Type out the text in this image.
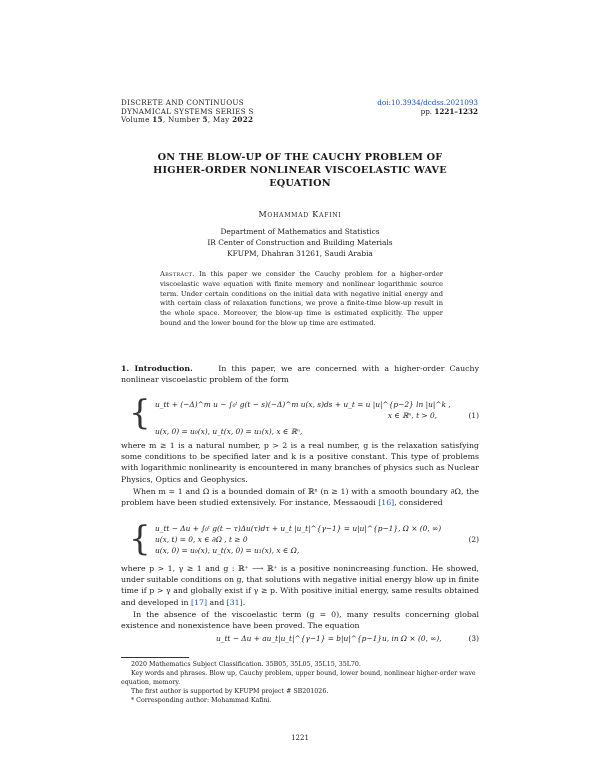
DISCRETE AND CONTINUOUS
DYNAMICAL SYSTEMS SERIES S
Volume 15, Number 5, May 2022
doi:10.3934/dcdss.2021093
pp. 1221–1232
ON THE BLOW-UP OF THE CAUCHY PROBLEM OF
HIGHER-ORDER NONLINEAR VISCOELASTIC WAVE
EQUATION
Mohammad Kafini
Department of Mathematics and Statistics
IR Center of Construction and Building Materials
KFUPM, Dhahran 31261, Saudi Arabia
Abstract. In this paper we consider the Cauchy problem for a higher-order viscoelastic wave equation with finite memory and nonlinear logarithmic source term. Under certain conditions on the initial data with negative initial energy and with certain class of relaxation functions, we prove a finite-time blow-up result in the whole space. Moreover, the blow-up time is estimated explicitly. The upper bound and the lower bound for the blow up time are estimated.

1. Introduction.	In this paper, we are concerned with a higher-order Cauchy nonlinear viscoelastic problem of the form

{ u_tt + (−Δ)^m u − ∫₀ᵗ g(t − s)(−Δ)^m u(x, s)ds + u_t = u |u|^{p−2} ln |u|^k ,
x ∈ ℝⁿ, t > 0,
u(x, 0) = u₀(x), u_t(x, 0) = u₁(x), x ∈ ℝⁿ,
(1)

where m ≥ 1 is a natural number, p > 2 is a real number, g is the relaxation satisfying some conditions to be specified later and k is a positive constant. This type of problems with logarithmic nonlinearity is encountered in many branches of physics such as Nuclear Physics, Optics and Geophysics.

When m = 1 and Ω is a bounded domain of ℝⁿ (n ≥ 1) with a smooth boundary ∂Ω, the problem have been studied extensively. For instance, Messaoudi [16], considered

{ u_tt − Δu + ∫₀ᵗ g(t − τ)Δu(τ)dτ + u_t |u_t|^{γ−1} = u|u|^{p−1}, Ω × (0, ∞)
u(x, t) = 0, x ∈ ∂Ω , t ≥ 0
u(x, 0) = u₀(x), u_t(x, 0) = u₁(x), x ∈ Ω,
(2)

where p > 1, γ ≥ 1 and g : ℝ⁺ ⟶ ℝ⁺ is a positive nonincreasing function. He showed, under suitable conditions on g, that solutions with negative initial energy blow up in finite time if p > γ and globally exist if γ ≥ p. With positive initial energy, same results obtained and developed in [17] and [31].

In the absence of the viscoelastic term (g = 0), many results concerning global existence and nonexistence have been proved. The equation

u_tt − Δu + au_t|u_t|^{γ−1} = b|u|^{p−1}u, in Ω × (0, ∞),	(3)

2020 Mathematics Subject Classification. 35B05, 35L05, 35L15, 35L70.

Key words and phrases. Blow up, Cauchy problem, upper bound, lower bound, nonlinear higher-order wave equation, memory.

The first author is supported by KFUPM project # SB201026.

* Corresponding author: Mohammad Kafini.

1221
